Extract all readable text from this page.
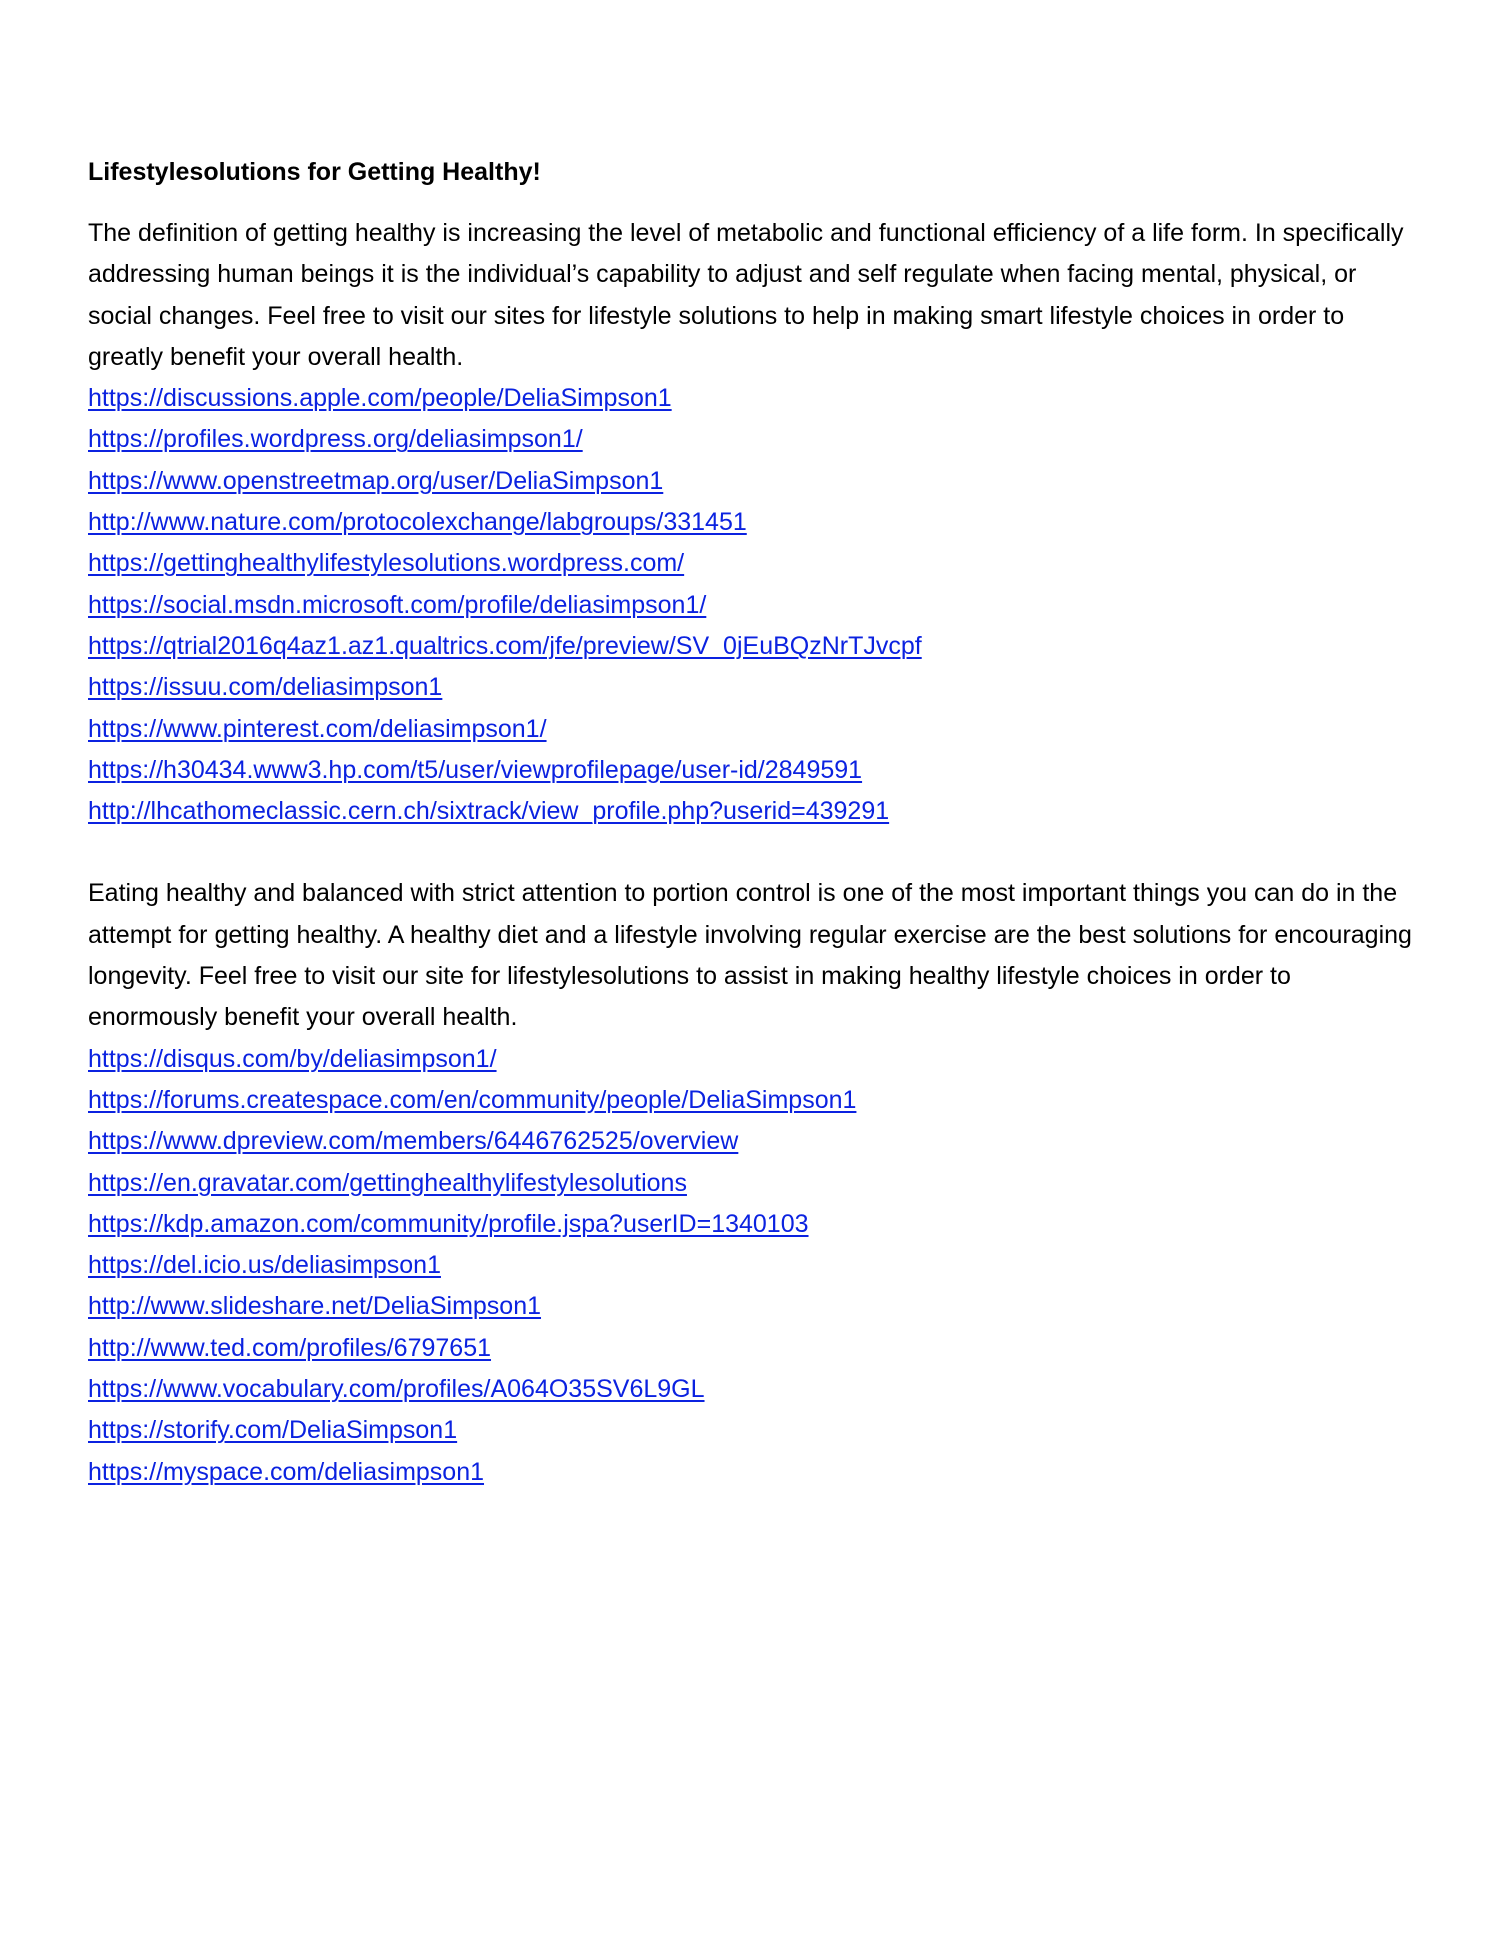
Lifestylesolutions for Getting Healthy!

The definition of getting healthy is increasing the level of metabolic and functional efficiency of a life form. In specifically addressing human beings it is the individual’s capability to adjust and self regulate when facing mental, physical, or social changes. Feel free to visit our sites for lifestyle solutions to help in making smart lifestyle choices in order to greatly benefit your overall health.

https://discussions.apple.com/people/DeliaSimpson1
https://profiles.wordpress.org/deliasimpson1/
https://www.openstreetmap.org/user/DeliaSimpson1
http://www.nature.com/protocolexchange/labgroups/331451
https://gettinghealthylifestylesolutions.wordpress.com/
https://social.msdn.microsoft.com/profile/deliasimpson1/
https://qtrial2016q4az1.az1.qualtrics.com/jfe/preview/SV_0jEuBQzNrTJvcpf
https://issuu.com/deliasimpson1
https://www.pinterest.com/deliasimpson1/
https://h30434.www3.hp.com/t5/user/viewprofilepage/user-id/2849591
http://lhcathomeclassic.cern.ch/sixtrack/view_profile.php?userid=439291

Eating healthy and balanced with strict attention to portion control is one of the most important things you can do in the attempt for getting healthy. A healthy diet and a lifestyle involving regular exercise are the best solutions for encouraging longevity. Feel free to visit our site for lifestylesolutions to assist in making healthy lifestyle choices in order to enormously benefit your overall health.

https://disqus.com/by/deliasimpson1/
https://forums.createspace.com/en/community/people/DeliaSimpson1
https://www.dpreview.com/members/6446762525/overview
https://en.gravatar.com/gettinghealthylifestylesolutions
https://kdp.amazon.com/community/profile.jspa?userID=1340103
https://del.icio.us/deliasimpson1
http://www.slideshare.net/DeliaSimpson1
http://www.ted.com/profiles/6797651
https://www.vocabulary.com/profiles/A064O35SV6L9GL
https://storify.com/DeliaSimpson1
https://myspace.com/deliasimpson1
